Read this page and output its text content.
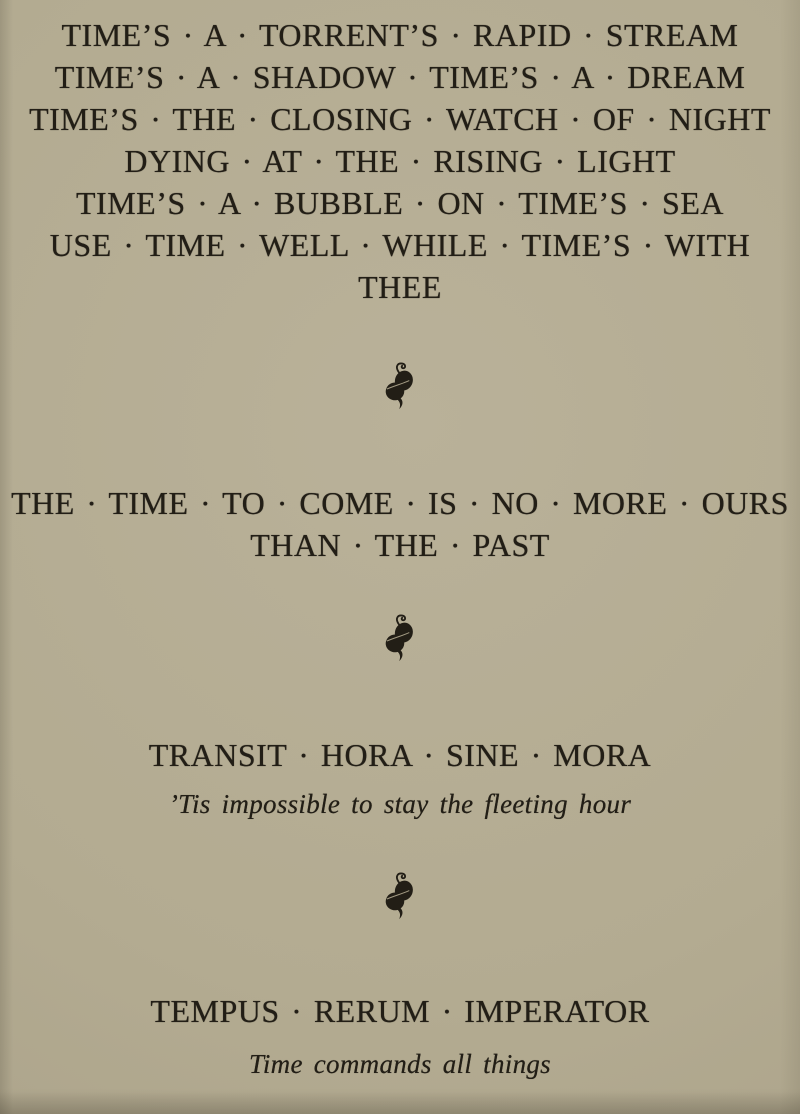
TIME’S · A · TORRENT’S · RAPID · STREAM

TIME’S · A · SHADOW · TIME’S · A · DREAM

TIME’S · THE · CLOSING · WATCH · OF · NIGHT

DYING · AT · THE · RISING · LIGHT

TIME’S · A · BUBBLE · ON · TIME’S · SEA

USE · TIME · WELL · WHILE · TIME’S · WITH

THEE

THE · TIME · TO · COME · IS · NO · MORE · OURS

THAN · THE · PAST

TRANSIT · HORA · SINE · MORA

’Tis impossible to stay the fleeting hour

TEMPUS · RERUM · IMPERATOR

Time commands all things
